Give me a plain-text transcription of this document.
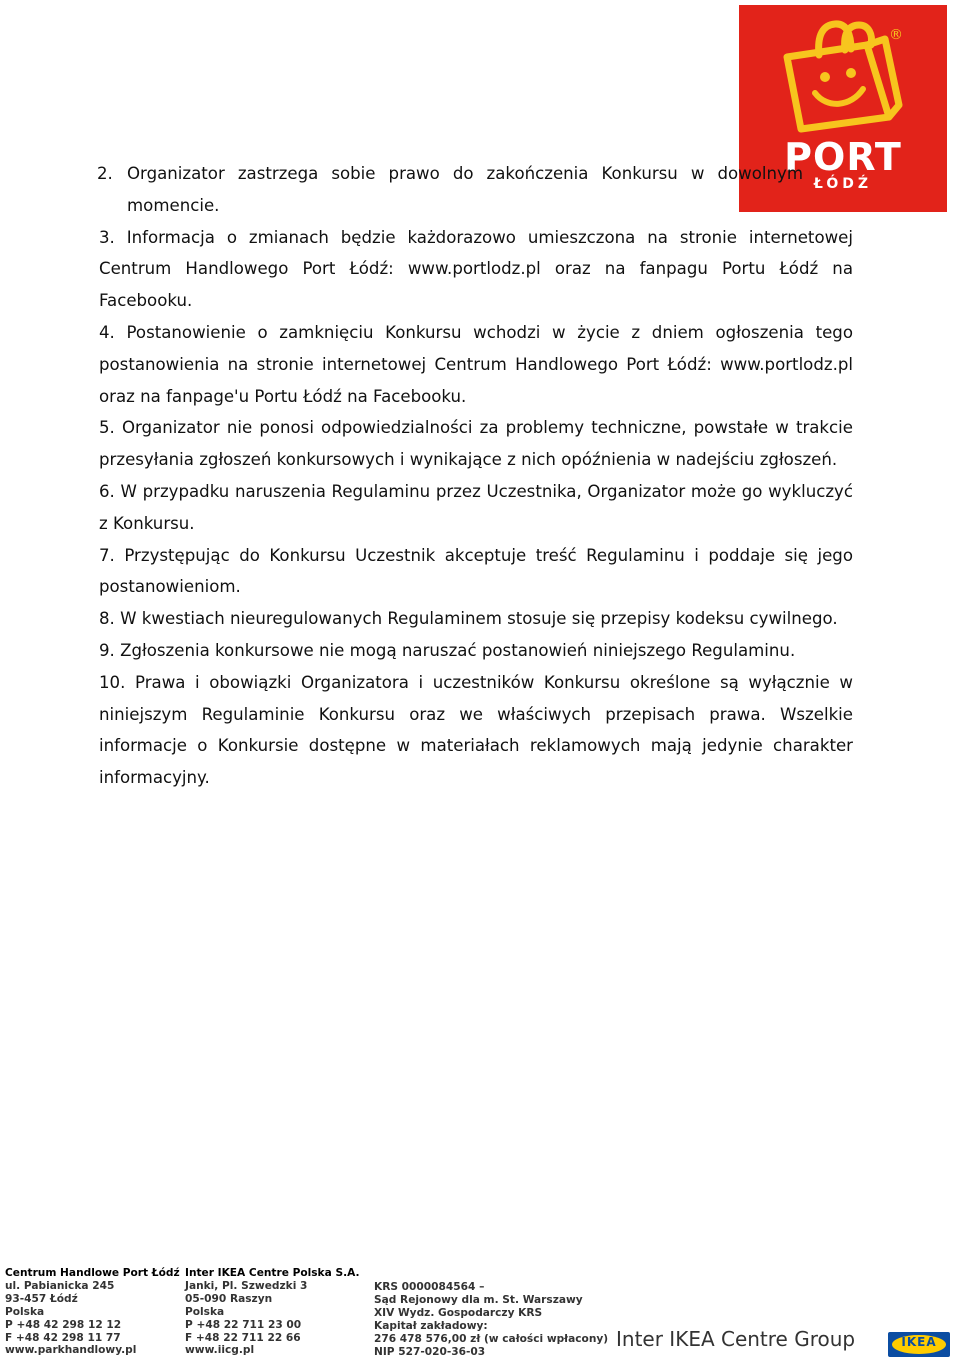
®
PORT
ŁÓDŹ

2. Organizator zastrzega sobie prawo do zakończenia Konkursu w dowolnym momencie.

3. Informacja o zmianach będzie każdorazowo umieszczona na stronie internetowej Centrum Handlowego Port Łódź: www.portlodz.pl oraz na fanpagu Portu Łódź na Facebooku.

4. Postanowienie o zamknięciu Konkursu wchodzi w życie z dniem ogłoszenia tego postanowienia na stronie internetowej Centrum Handlowego Port Łódź: www.portlodz.pl oraz na fanpage'u Portu Łódź na Facebooku.

5. Organizator nie ponosi odpowiedzialności za problemy techniczne, powstałe w trakcie przesyłania zgłoszeń konkursowych i wynikające z nich opóźnienia w nadejściu zgłoszeń.

6. W przypadku naruszenia Regulaminu przez Uczestnika, Organizator może go wykluczyć z Konkursu.

7. Przystępując do Konkursu Uczestnik akceptuje treść Regulaminu i poddaje się jego postanowieniom.

8. W kwestiach nieuregulowanych Regulaminem stosuje się przepisy kodeksu cywilnego.

9. Zgłoszenia konkursowe nie mogą naruszać postanowień niniejszego Regulaminu.

10. Prawa i obowiązki Organizatora i uczestników Konkursu określone są wyłącznie w niniejszym Regulaminie Konkursu oraz we właściwych przepisach prawa. Wszelkie informacje o Konkursie dostępne w materiałach reklamowych mają jedynie charakter informacyjny.

Centrum Handlowe Port Łódź
ul. Pabianicka 245
93-457 Łódź
Polska
P +48 42 298 12 12
F +48 42 298 11 77
www.parkhandlowy.pl
Inter IKEA Centre Polska S.A.
Janki, Pl. Szwedzki 3
05-090 Raszyn
Polska
P +48 22 711 23 00
F +48 22 711 22 66
www.iicg.pl
KRS 0000084564 –
Sąd Rejonowy dla m. St. Warszawy
XIV Wydz. Gospodarczy KRS
Kapitał zakładowy:
276 478 576,00 zł (w całości wpłacony)
NIP 527-020-36-03
Inter IKEA Centre Group	IKEA
